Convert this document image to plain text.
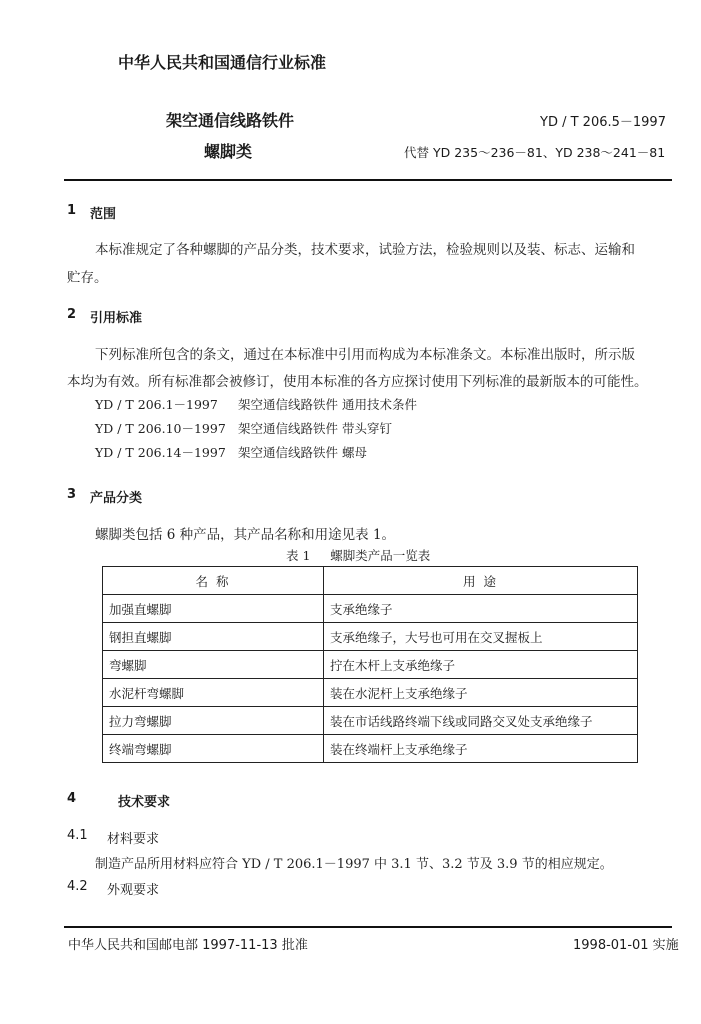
中华人民共和国通信行业标准
架空通信线路铁件
螺脚类
YD / T 206.5－1997
代替 YD 235～236－81、YD 238～241－81
1 范围
本标准规定了各种螺脚的产品分类，技术要求，试验方法，检验规则以及装、标志、运输和
贮存。
2 引用标准
下列标准所包含的条文，通过在本标准中引用而构成为本标准条文。本标准出版时，所示版
本均为有效。所有标准都会被修订，使用本标准的各方应探讨使用下列标准的最新版本的可能性。
YD / T 206.1－1997 架空通信线路铁件 通用技术条件
YD / T 206.10－1997 架空通信线路铁件 带头穿钉
YD / T 206.14－1997 架空通信线路铁件 螺母
3 产品分类
螺脚类包括 6 种产品，其产品名称和用途见表 1。
表 1     螺脚类产品一览表
名 称	用 途
加强直螺脚	支承绝缘子
钢担直螺脚	支承绝缘子，大号也可用在交叉握板上
弯螺脚	拧在木杆上支承绝缘子
水泥杆弯螺脚	装在水泥杆上支承绝缘子
拉力弯螺脚	装在市话线路终端下线或同路交叉处支承绝缘子
终端弯螺脚	装在终端杆上支承绝缘子
4	技术要求
4.1 材料要求
制造产品所用材料应符合 YD / T 206.1－1997 中 3.1 节、3.2 节及 3.9 节的相应规定。
4.2 外观要求
中华人民共和国邮电部 1997-11-13 批准	1998-01-01 实施
